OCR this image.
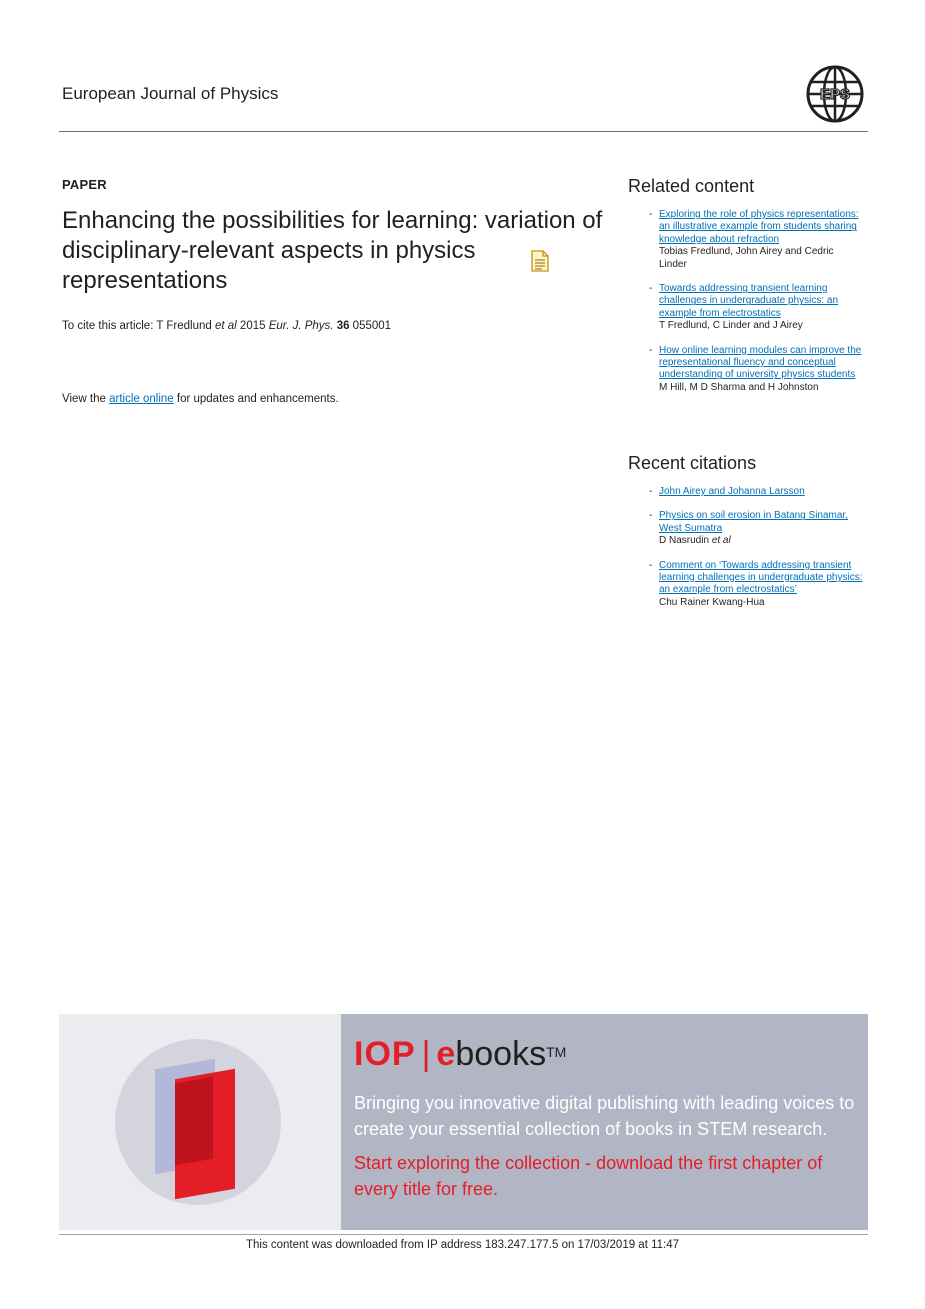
European Journal of Physics	EPS
PAPER
Enhancing the possibilities for learning: variation of disciplinary-relevant aspects in physics representations
To cite this article: T Fredlund et al 2015 Eur. J. Phys. 36 055001
View the article online for updates and enhancements.
Related content
- Exploring the role of physics representations: an illustrative example from students sharing knowledge about refraction
Tobias Fredlund, John Airey and Cedric Linder
- Towards addressing transient learning challenges in undergraduate physics: an example from electrostatics
T Fredlund, C Linder and J Airey
- How online learning modules can improve the representational fluency and conceptual understanding of university physics students
M Hill, M D Sharma and H Johnston
Recent citations
- John Airey and Johanna Larsson
- Physics on soil erosion in Batang Sinamar, West Sumatra
D Nasrudin et al
- Comment on ‘Towards addressing transient learning challenges in undergraduate physics: an example from electrostatics’
Chu Rainer Kwang-Hua
IOP | ebooks™
Bringing you innovative digital publishing with leading voices to create your essential collection of books in STEM research.
Start exploring the collection - download the first chapter of every title for free.
This content was downloaded from IP address 183.247.177.5 on 17/03/2019 at 11:47
